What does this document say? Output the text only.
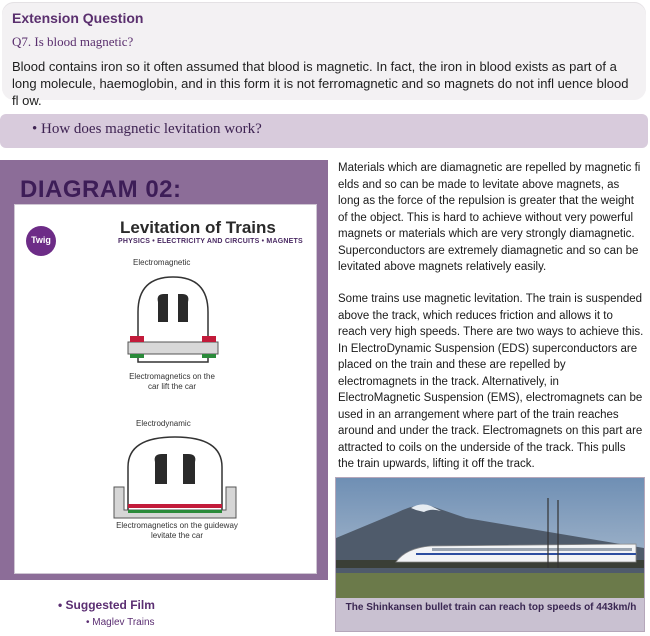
Extension Question
Q7. Is blood magnetic?
Blood contains iron so it often assumed that blood is magnetic. In fact, the iron in blood exists as part of a long molecule, haemoglobin, and in this form it is not ferromagnetic and so magnets do not infl uence blood fl ow.
• How does magnetic levitation work?
DIAGRAM 02:
Twig
Levitation of Trains
PHYSICS • ELECTRICITY AND CIRCUITS • MAGNETS
Electromagnetic
Electromagnetics on the car lift the car
Electrodynamic
Electromagnetics on the guideway levitate the car
Materials which are diamagnetic are repelled by magnetic fi elds and so can be made to levitate above magnets, as long as the force of the repulsion is greater that the weight of the object. This is hard to achieve without very powerful magnets or materials which are very strongly diamagnetic. Superconductors are extremely diamagnetic and so can be levitated above magnets relatively easily.
Some trains use magnetic levitation. The train is suspended above the track, which reduces friction and allows it to reach very high speeds. There are two ways to achieve this. In ElectroDynamic Suspension (EDS) superconductors are placed on the train and these are repelled by electromagnets in the track. Alternatively, in ElectroMagnetic Suspension (EMS), electromagnets can be used in an arrangement where part of the train reaches around and under the track. Electromagnets on this part are attracted to coils on the underside of the track. This pulls the train upwards, lifting it off the track.
The Shinkansen bullet train can reach top speeds of 443km/h
• Suggested Film
• Maglev Trains
